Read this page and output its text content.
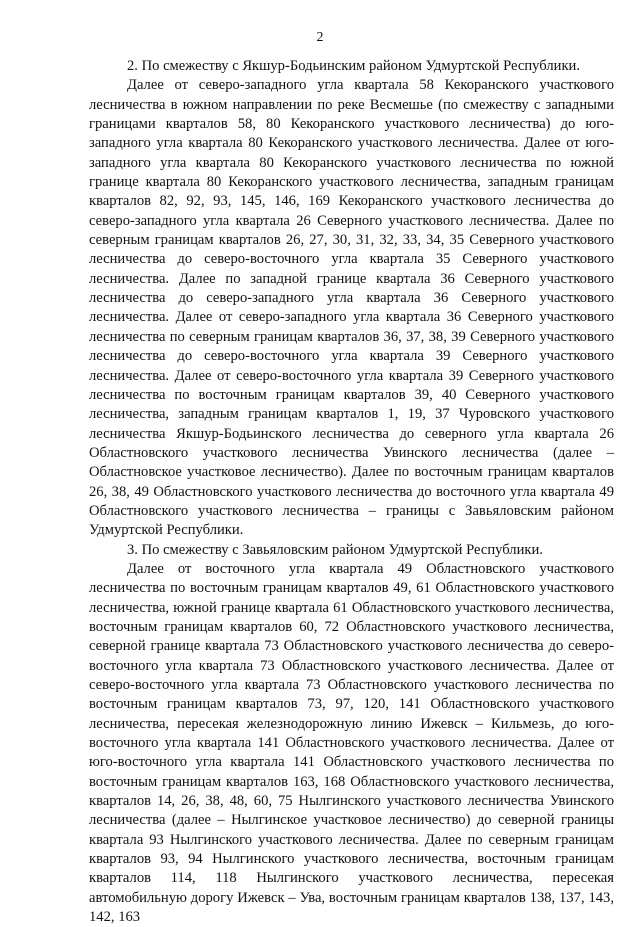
2

2. По смежеству с Якшур-Бодьинским районом Удмуртской Республики.

Далее от северо-западного угла квартала 58 Кекоранского участкового лесничества в южном направлении по реке Весмешье (по смежеству с западными границами кварталов 58, 80 Кекоранского участкового лесничества) до юго-западного угла квартала 80 Кекоранского участкового лесничества. Далее от юго-западного угла квартала 80 Кекоранского участкового лесничества по южной границе квартала 80 Кекоранского участкового лесничества, западным границам кварталов 82, 92, 93, 145, 146, 169 Кекоранского участкового лесничества до северо-западного угла квартала 26 Северного участкового лесничества. Далее по северным границам кварталов 26, 27, 30, 31, 32, 33, 34, 35 Северного участкового лесничества до северо-восточного угла квартала 35 Северного участкового лесничества. Далее по западной границе квартала 36 Северного участкового лесничества до северо-западного угла квартала 36 Северного участкового лесничества. Далее от северо-западного угла квартала 36 Северного участкового лесничества по северным границам кварталов 36, 37, 38, 39 Северного участкового лесничества до северо-восточного угла квартала 39 Северного участкового лесничества. Далее от северо-восточного угла квартала 39 Северного участкового лесничества по восточным границам кварталов 39, 40 Северного участкового лесничества, западным границам кварталов 1, 19, 37 Чуровского участкового лесничества Якшур-Бодьинского лесничества до северного угла квартала 26 Областновского участкового лесничества Увинского лесничества (далее – Областновское участковое лесничество). Далее по восточным границам кварталов 26, 38, 49 Областновского участкового лесничества до восточного угла квартала 49 Областновского участкового лесничества – границы с Завьяловским районом Удмуртской Республики.

3. По смежеству с Завьяловским районом Удмуртской Республики.

Далее от восточного угла квартала 49 Областновского участкового лесничества по восточным границам кварталов 49, 61 Областновского участкового лесничества, южной границе квартала 61 Областновского участкового лесничества, восточным границам кварталов 60, 72 Областновского участкового лесничества, северной границе квартала 73 Областновского участкового лесничества до северо-восточного угла квартала 73 Областновского участкового лесничества. Далее от северо-восточного угла квартала 73 Областновского участкового лесничества по восточным границам кварталов 73, 97, 120, 141 Областновского участкового лесничества, пересекая железнодорожную линию Ижевск – Кильмезь, до юго-восточного угла квартала 141 Областновского участкового лесничества. Далее от юго-восточного угла квартала 141 Областновского участкового лесничества по восточным границам кварталов 163, 168 Областновского участкового лесничества, кварталов 14, 26, 38, 48, 60, 75 Нылгинского участкового лесничества Увинского лесничества (далее – Нылгинское участковое лесничество) до северной границы квартала 93 Нылгинского участкового лесничества. Далее по северным границам кварталов 93, 94 Нылгинского участкового лесничества, восточным границам кварталов 114, 118 Нылгинского участкового лесничества, пересекая автомобильную дорогу Ижевск – Ува, восточным границам кварталов 138, 137, 143, 142, 163
